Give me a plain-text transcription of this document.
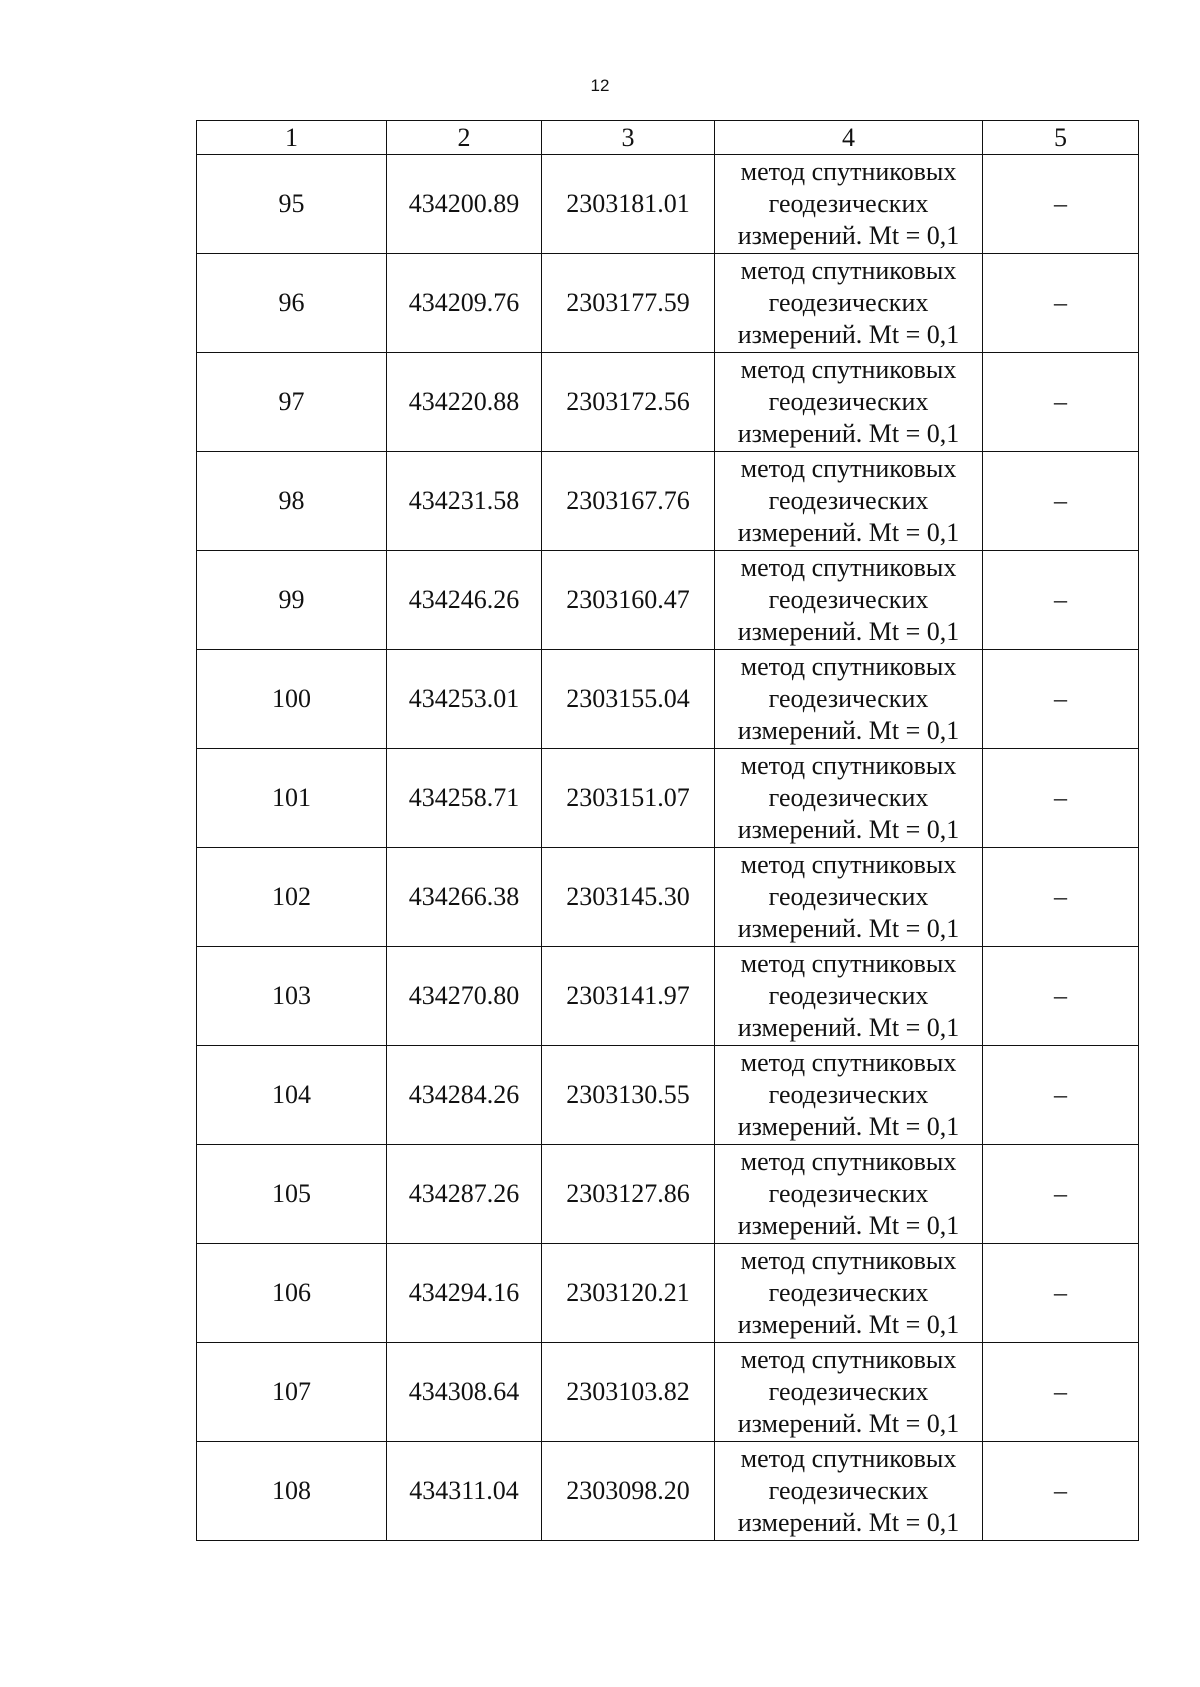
12
1	2	3	4	5
95	434200.89	2303181.01	метод спутниковых
геодезических
измерений. Mt = 0,1	–
96	434209.76	2303177.59	метод спутниковых
геодезических
измерений. Mt = 0,1	–
97	434220.88	2303172.56	метод спутниковых
геодезических
измерений. Mt = 0,1	–
98	434231.58	2303167.76	метод спутниковых
геодезических
измерений. Mt = 0,1	–
99	434246.26	2303160.47	метод спутниковых
геодезических
измерений. Mt = 0,1	–
100	434253.01	2303155.04	метод спутниковых
геодезических
измерений. Mt = 0,1	–
101	434258.71	2303151.07	метод спутниковых
геодезических
измерений. Mt = 0,1	–
102	434266.38	2303145.30	метод спутниковых
геодезических
измерений. Mt = 0,1	–
103	434270.80	2303141.97	метод спутниковых
геодезических
измерений. Mt = 0,1	–
104	434284.26	2303130.55	метод спутниковых
геодезических
измерений. Mt = 0,1	–
105	434287.26	2303127.86	метод спутниковых
геодезических
измерений. Mt = 0,1	–
106	434294.16	2303120.21	метод спутниковых
геодезических
измерений. Mt = 0,1	–
107	434308.64	2303103.82	метод спутниковых
геодезических
измерений. Mt = 0,1	–
108	434311.04	2303098.20	метод спутниковых
геодезических
измерений. Mt = 0,1	–
